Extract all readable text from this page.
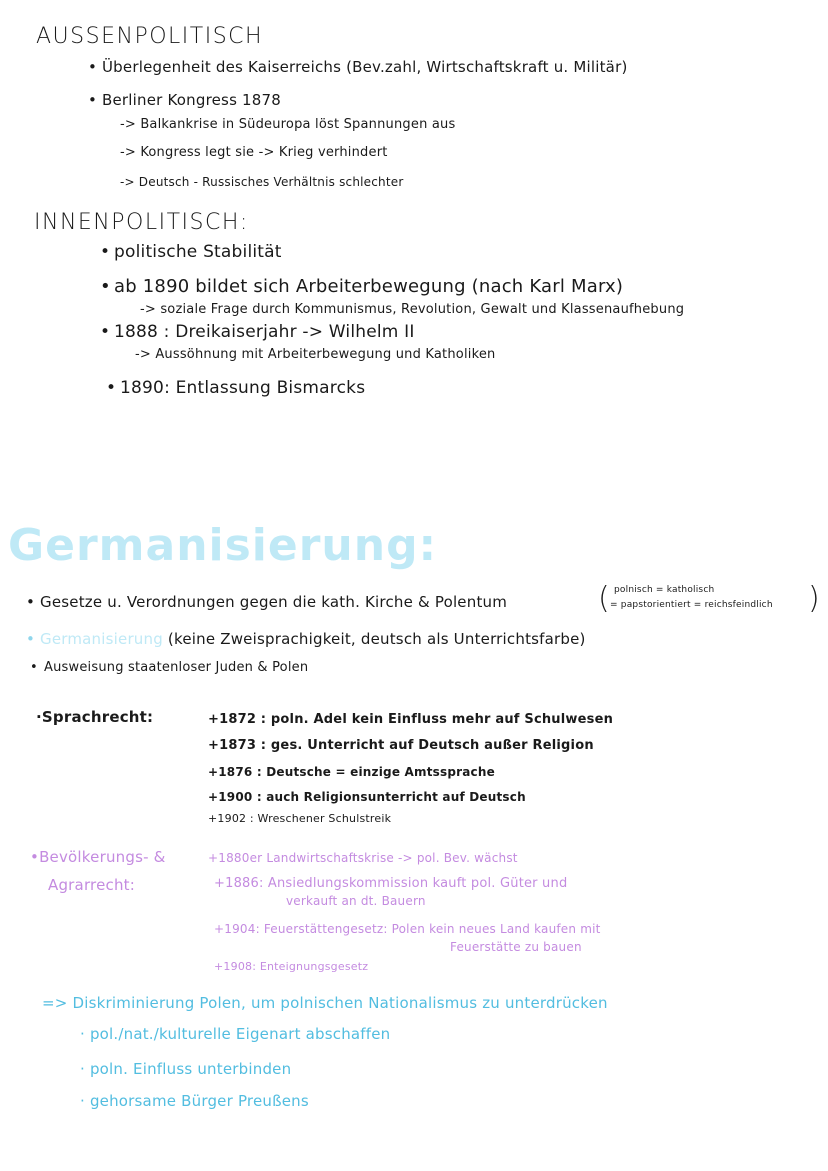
AUSSENPOLITISCH
• Überlegenheit des Kaiserreichs (Bev.zahl, Wirtschaftskraft u. Militär)
• Berliner Kongress 1878
-> Balkankrise in Südeuropa löst Spannungen aus
-> Kongress legt sie -> Krieg verhindert
-> Deutsch - Russisches Verhältnis schlechter
INNENPOLITISCH:
• politische Stabilität
• ab 1890 bildet sich Arbeiterbewegung (nach Karl Marx)
-> soziale Frage durch Kommunismus, Revolution, Gewalt und Klassenaufhebung
• 1888 : Dreikaiserjahr -> Wilhelm II
-> Aussöhnung mit Arbeiterbewegung und Katholiken
• 1890: Entlassung Bismarcks
Germanisierung:
• Gesetze u. Verordnungen gegen die kath. Kirche & Polentum	( polnisch = katholisch
= papstorientiert = reichsfeindlich )
• Germanisierung (keine Zweisprachigkeit, deutsch als Unterrichtsfarbe)
• Ausweisung staatenloser Juden & Polen
·Sprachrecht:	+1872 : poln. Adel kein Einfluss mehr auf Schulwesen
+1873 : ges. Unterricht auf Deutsch außer Religion
+1876 : Deutsche = einzige Amtssprache
+1900 : auch Religionsunterricht auf Deutsch
+1902 : Wreschener Schulstreik
•Bevölkerungs- &
Agrarrecht:
+1880er Landwirtschaftskrise -> pol. Bev. wächst
+1886: Ansiedlungskommission kauft pol. Güter und
verkauft an dt. Bauern
+1904: Feuerstättengesetz: Polen kein neues Land kaufen mit
Feuerstätte zu bauen
+1908: Enteignungsgesetz
=> Diskriminierung Polen, um polnischen Nationalismus zu unterdrücken
· pol./nat./kulturelle Eigenart abschaffen
· poln. Einfluss unterbinden
· gehorsame Bürger Preußens
